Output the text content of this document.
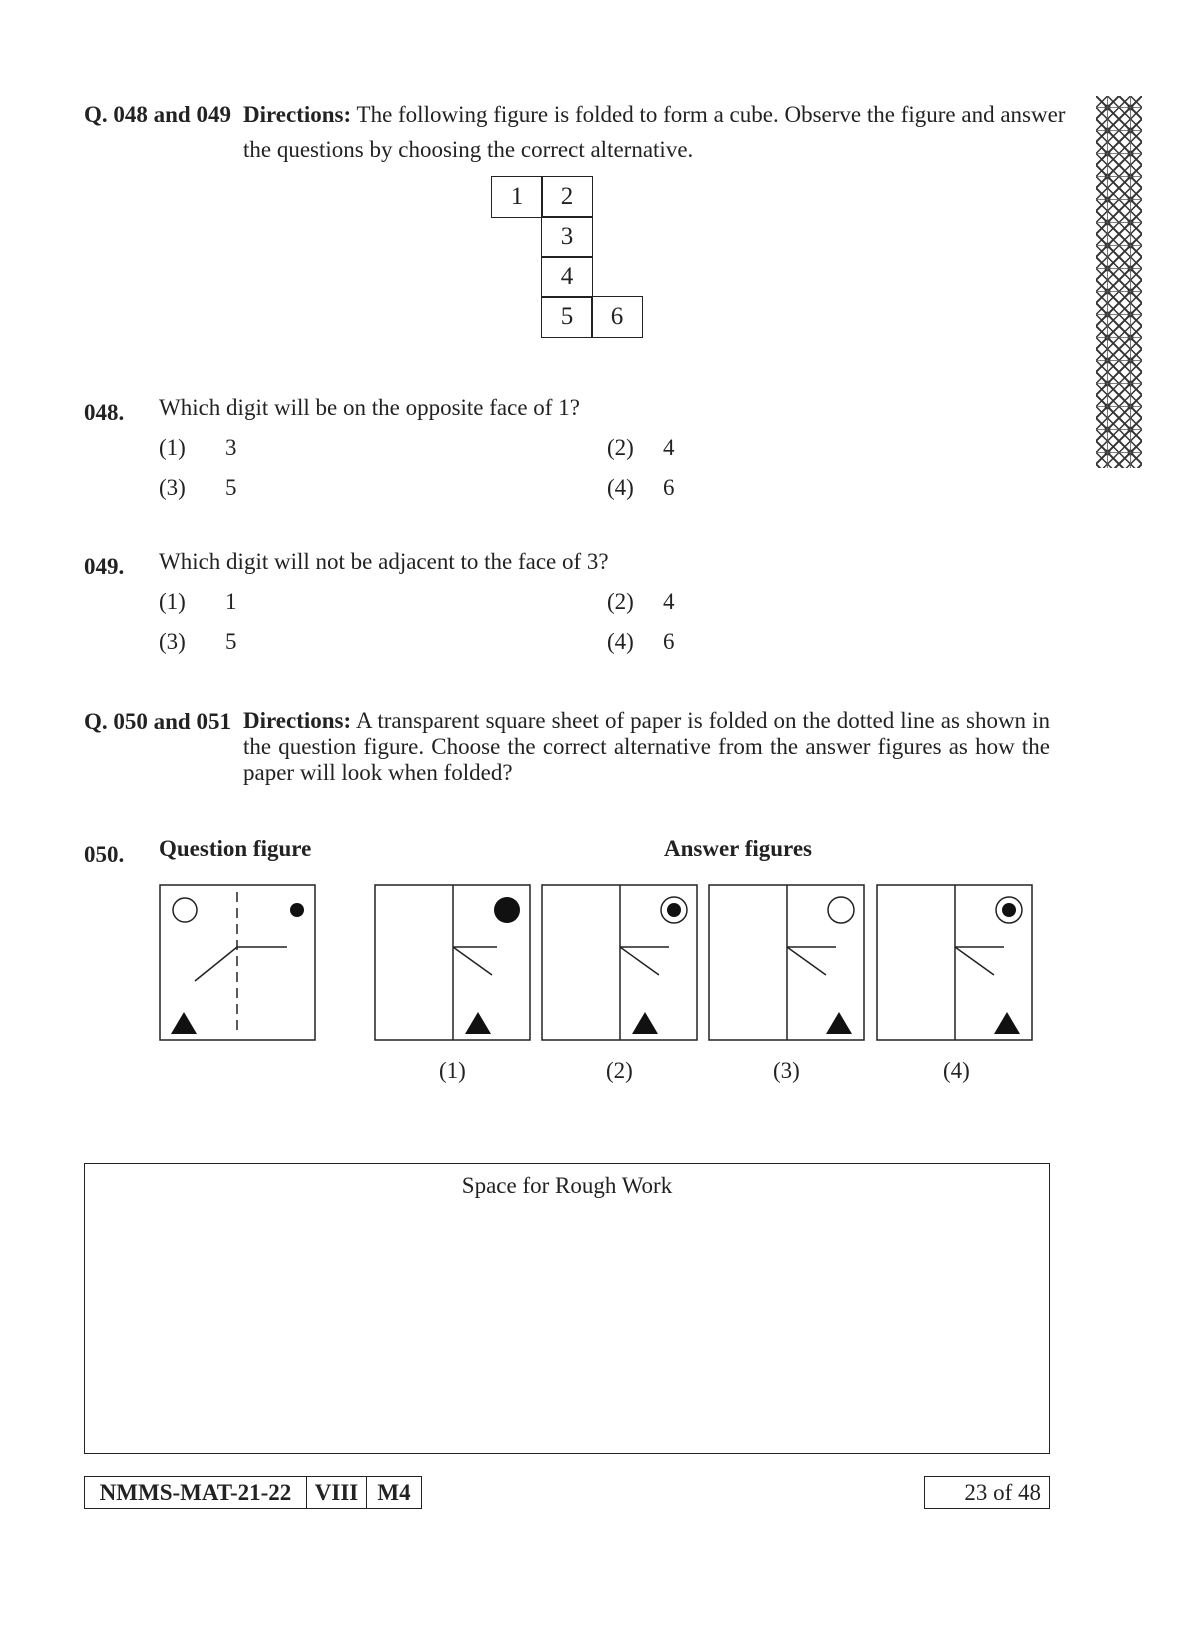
Q. 048 and 049 Directions: The following figure is folded to form a cube. Observe the figure and answer
the questions by choosing the correct alternative.
1	2
3
4
5	6
048. Which digit will be on the opposite face of 1?
(1) 3	(2) 4
(3) 5	(4) 6
049. Which digit will not be adjacent to the face of 3?
(1) 1	(2) 4
(3) 5	(4) 6
Q. 050 and 051 Directions: A transparent square sheet of paper is folded on the dotted line as shown in the question figure. Choose the correct alternative from the answer figures as how the paper will look when folded?
050. Question figure	Answer figures
(1)	(2)	(3)	(4)
Space for Rough Work
NMMS-MAT-21-22	VIII M4	23 of 48
